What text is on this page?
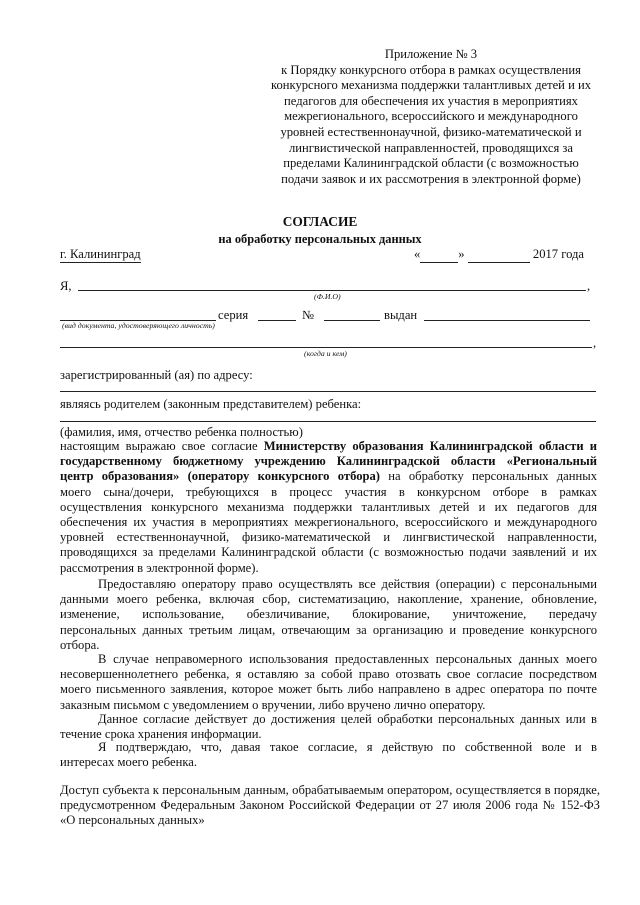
Приложение № 3
к Порядку конкурсного отбора в рамках осуществления
конкурсного механизма поддержки талантливых детей и их
педагогов для обеспечения их участия в мероприятиях
межрегионального, всероссийского и международного
уровней естественнонаучной, физико-математической и
лингвистической направленностей, проводящихся за
пределами Калининградской области (с возможностью
подачи заявок и их рассмотрения в электронной форме)
СОГЛАСИЕ
на обработку персональных данных
г. Калининград	«	»	2017 года
Я,	,
(Ф.И.О)
серия	№	выдан
(вид документа, удостоверяющего личность)
,
(когда и кем)
зарегистрированный (ая) по адресу:
являясь родителем (законным представителем) ребенка:
(фамилия, имя, отчество ребенка полностью)
настоящим выражаю свое согласие Министерству образования Калининградской области и
государственному бюджетному учреждению Калининградской области «Региональный
центр образования» (оператору конкурсного отбора) на обработку персональных данных
моего сына/дочери, требующихся в процесс участия в конкурсном отборе в рамках
осуществления конкурсного механизма поддержки талантливых детей и их педагогов для
обеспечения их участия в мероприятиях межрегионального, всероссийского и международного
уровней естественнонаучной, физико-математической и лингвистической направленности,
проводящихся за пределами Калининградской области (с возможностью подачи заявлений и их
рассмотрения в электронной форме).
Предоставляю оператору право осуществлять все действия (операции) с персональными
данными моего ребенка, включая сбор, систематизацию, накопление, хранение, обновление,
изменение, использование, обезличивание, блокирование, уничтожение, передачу
персональных данных третьим лицам, отвечающим за организацию и проведение конкурсного
отбора.
В случае неправомерного использования предоставленных персональных данных моего
несовершеннолетнего ребенка, я оставляю за собой право отозвать свое согласие посредством
моего письменного заявления, которое может быть либо направлено в адрес оператора по почте
заказным письмом с уведомлением о вручении, либо вручено лично оператору.
Данное согласие действует до достижения целей обработки персональных данных или в
течение срока хранения информации.
Я подтверждаю, что, давая такое согласие, я действую по собственной воле и в
интересах моего ребенка.
Доступ субъекта к персональным данным, обрабатываемым оператором, осуществляется в порядке,
предусмотренном Федеральным Законом Российской Федерации от 27 июля 2006 года № 152-ФЗ
«О персональных данных»
